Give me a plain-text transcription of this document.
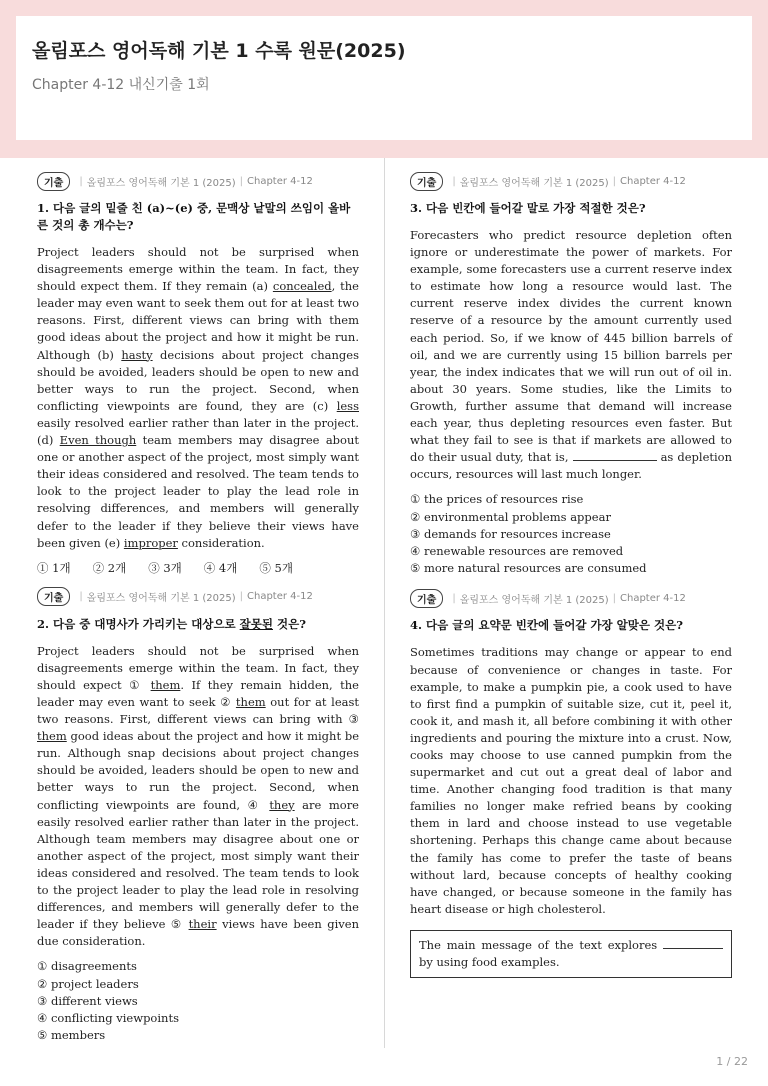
올림포스 영어독해 기본 1 수록 원문(2025)

Chapter 4-12 내신기출 1회

기출	| 올림포스 영어독해 기본 1 (2025) | Chapter 4-12
1. 다음 글의 밑줄 친 (a)~(e) 중, 문맥상 낱말의 쓰임이 올바른 것의 총 개수는?

Project leaders should not be surprised when disagreements emerge within the team. In fact, they should expect them. If they remain (a) concealed, the leader may even want to seek them out for at least two reasons. First, different views can bring with them good ideas about the project and how it might be run. Although (b) hasty decisions about project changes should be avoided, leaders should be open to new and better ways to run the project. Second, when conflicting viewpoints are found, they are (c) less easily resolved earlier rather than later in the project. (d) Even though team members may disagree about one or another aspect of the project, most simply want their ideas considered and resolved. The team tends to look to the project leader to play the lead role in resolving differences, and members will generally defer to the leader if they believe their views have been given (e) improper consideration.

① 1개 ② 2개 ③ 3개 ④ 4개 ⑤ 5개
기출	| 올림포스 영어독해 기본 1 (2025) | Chapter 4-12
2. 다음 중 대명사가 가리키는 대상으로 잘못된 것은?

Project leaders should not be surprised when disagreements emerge within the team. In fact, they should expect ① them. If they remain hidden, the leader may even want to seek ② them out for at least two reasons. First, different views can bring with ③ them good ideas about the project and how it might be run. Although snap decisions about project changes should be avoided, leaders should be open to new and better ways to run the project. Second, when conflicting viewpoints are found, ④ they are more easily resolved earlier rather than later in the project. Although team members may disagree about one or another aspect of the project, most simply want their ideas considered and resolved. The team tends to look to the project leader to play the lead role in resolving differences, and members will generally defer to the leader if they believe ⑤ their views have been given due consideration.

① disagreements
② project leaders
③ different views
④ conflicting viewpoints
⑤ members
기출	| 올림포스 영어독해 기본 1 (2025) | Chapter 4-12
3. 다음 빈칸에 들어갈 말로 가장 적절한 것은?

Forecasters who predict resource depletion often ignore or underestimate the power of markets. For example, some forecasters use a current reserve index to estimate how long a resource would last. The current reserve index divides the current known reserve of a resource by the amount currently used each period. So, if we know of 445 billion barrels of oil, and we are currently using 15 billion barrels per year, the index indicates that we will run out of oil in. about 30 years. Some studies, like the Limits to Growth, further assume that demand will increase each year, thus depleting resources even faster. But what they fail to see is that if markets are allowed to do their usual duty, that is,	as depletion occurs, resources will last much longer.

① the prices of resources rise
② environmental problems appear
③ demands for resources increase
④ renewable resources are removed
⑤ more natural resources are consumed
기출	| 올림포스 영어독해 기본 1 (2025) | Chapter 4-12
4. 다음 글의 요약문 빈칸에 들어갈 가장 알맞은 것은?

Sometimes traditions may change or appear to end because of convenience or changes in taste. For example, to make a pumpkin pie, a cook used to have to first find a pumpkin of suitable size, cut it, peel it, cook it, and mash it, all before combining it with other ingredients and pouring the mixture into a crust. Now, cooks may choose to use canned pumpkin from the supermarket and cut out a great deal of labor and time. Another changing food tradition is that many families no longer make refried beans by cooking them in lard and choose instead to use vegetable shortening. Perhaps this change came about because the family has come to prefer the taste of beans without lard, because concepts of healthy cooking have changed, or because someone in the family has heart disease or high cholesterol.

The main message of the text explores  by using food examples.
1 / 22
